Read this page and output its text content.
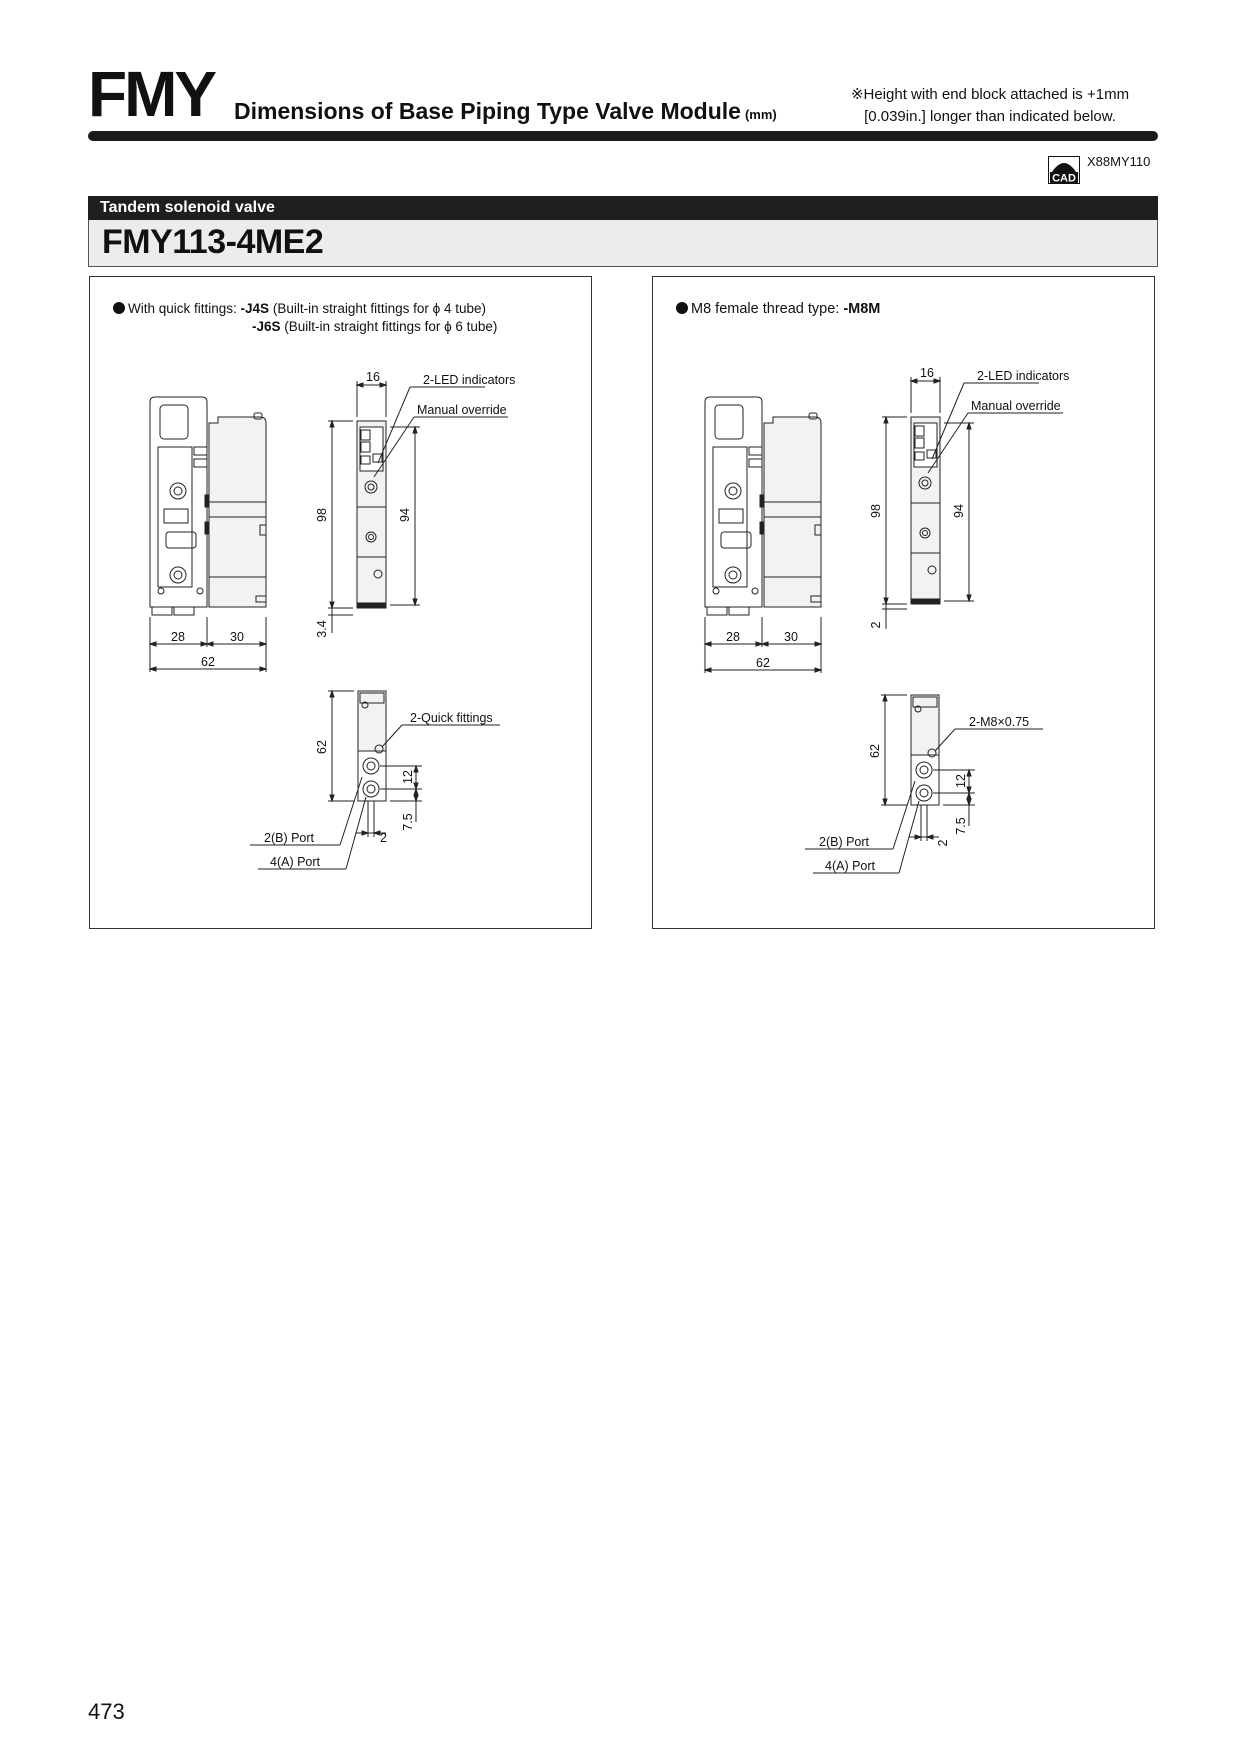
FMY Dimensions of Base Piping Type Valve Module (mm)
※Height with end block attached is +1mm
[0.039in.] longer than indicated below.
CAD
X88MY110
Tandem solenoid valve
FMY113-4ME2
With quick fittings: -J4S (Built-in straight fittings for ϕ 4 tube)
-J6S (Built-in straight fittings for ϕ 6 tube)
16	2-LED indicators
Manual override
98	94
3.4
28	30
62
2-Quick fittings
62
12
7.5
2
2(B) Port
4(A) Port
M8 female thread type: -M8M
16	2-LED indicators
Manual override
98	94
2
28	30
62
2-M8×0.75
62
12
7.5
2
2(B) Port
4(A) Port
473
